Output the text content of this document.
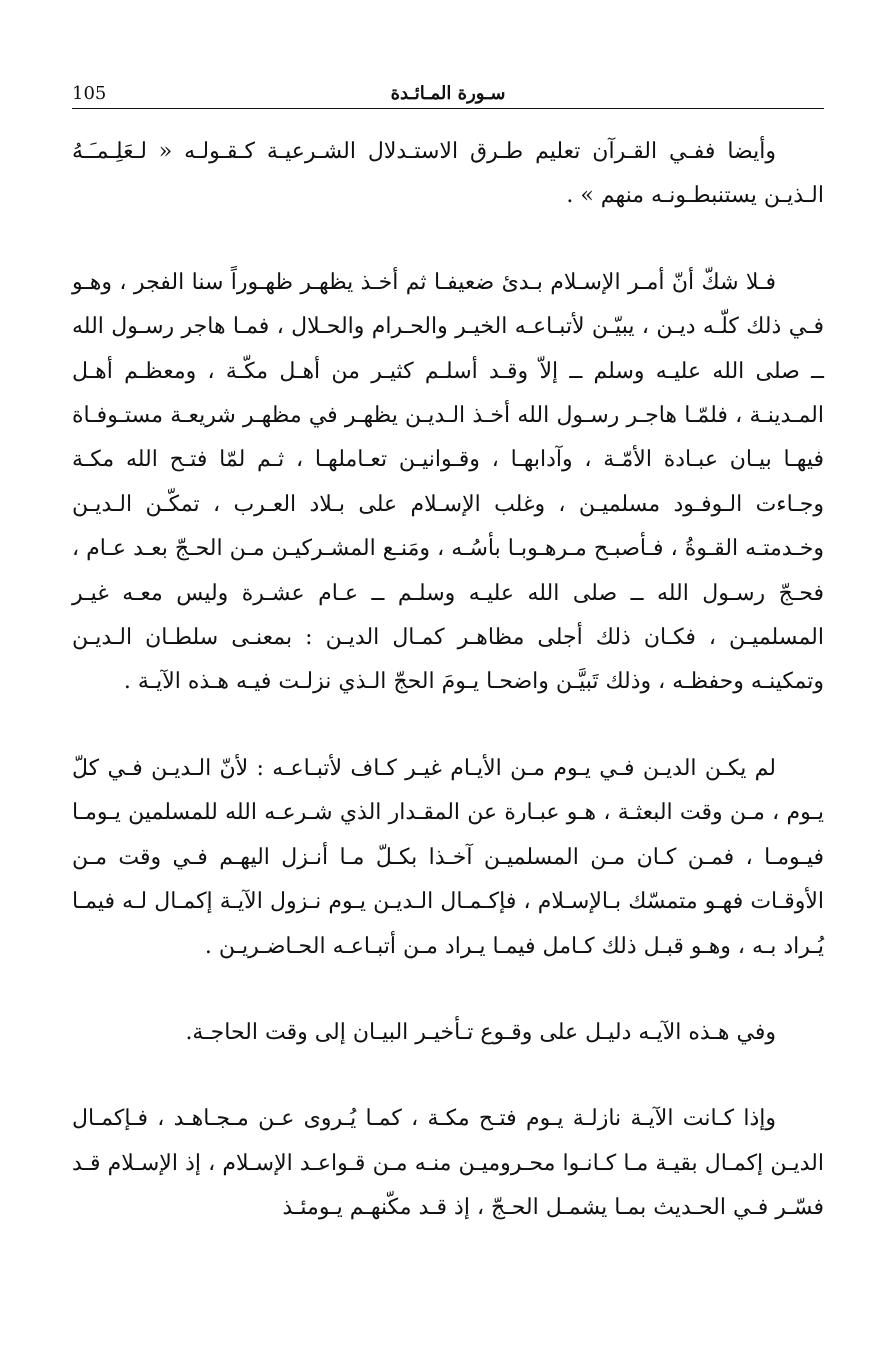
105	سـورة المـائـدة

وأيضا ففـي القـرآن تعليم طـرق الاستـدلال الشـرعيـة كـقـولـه « لـعَلِـمـَـهُ الـذيـن يستنبطـونـه منهم » .

فـلا شكّ أنّ أمـر الإسـلام بـدئ ضعيفـا ثم أخـذ يظهـر ظهـوراً سنا الفجر ، وهـو فـي ذلك كلّـه ديـن ، يبيّـن لأتبـاعـه الخيـر والحـرام والحـلال ، فمـا هاجر رسـول الله ــ صلى الله عليـه وسلم ــ إلاّ وقـد أسلـم كثيـر من أهـل مكّـة ، ومعظـم أهـل المـدينـة ، فلمّـا هاجـر رسـول الله أخـذ الـديـن يظهـر في مظهـر شريعـة مستـوفـاة فيهـا بيـان عبـادة الأمّـة ، وآدابهـا ، وقـوانيـن تعـاملهـا ، ثـم لمّا فتـح الله مكـة وجـاءت الـوفـود مسلميـن ، وغلب الإسـلام على بـلاد العـرب ، تمكّـن الـديـن وخـدمتـه القـوةُ ، فـأصبـح مـرهـوبـا بأسُـه ، ومَنـع المشـركيـن مـن الحـجّ بعـد عـام ، فحـجّ رسـول الله ــ صلى الله عليـه وسلـم ــ عـام عشـرة وليس معـه غيـر المسلميـن ، فكـان ذلك أجلى مظاهـر كمـال الديـن : بمعنـى سلطـان الـديـن وتمكينـه وحفظـه ، وذلك تَبيَّـن واضحـا يـومَ الحجّ الـذي نزلـت فيـه هـذه الآيـة .

لم يكـن الديـن فـي يـوم مـن الأيـام غيـر كـاف لأتبـاعـه : لأنّ الـديـن فـي كلّ يـوم ، مـن وقت البعثـة ، هـو عبـارة عن المقـدار الذي شـرعـه الله للمسلمين يـومـا فيـومـا ، فمـن كـان مـن المسلميـن آخـذا بكـلّ مـا أنـزل اليهـم فـي وقت مـن الأوقـات فهـو متمسّك بـالإسـلام ، فإكـمـال الـديـن يـوم نـزول الآيـة إكمـال لـه فيمـا يُـراد بـه ، وهـو قبـل ذلك كـامل فيمـا يـراد مـن أتبـاعـه الحـاضـريـن .

وفي هـذه الآيـه دليـل على وقـوع تـأخيـر البيـان إلى وقت الحاجـة.

وإذا كـانت الآيـة نازلـة يـوم فتـح مكـة ، كمـا يُـروى عـن مـجـاهـد ، فـإكمـال الديـن إكمـال بقيـة مـا كـانـوا محـروميـن منـه مـن قـواعـد الإسـلام ، إذ الإسـلام قـد فسّـر فـي الحـديث بمـا يشمـل الحـجّ ، إذ قـد مكّنهـم يـومئـذ
